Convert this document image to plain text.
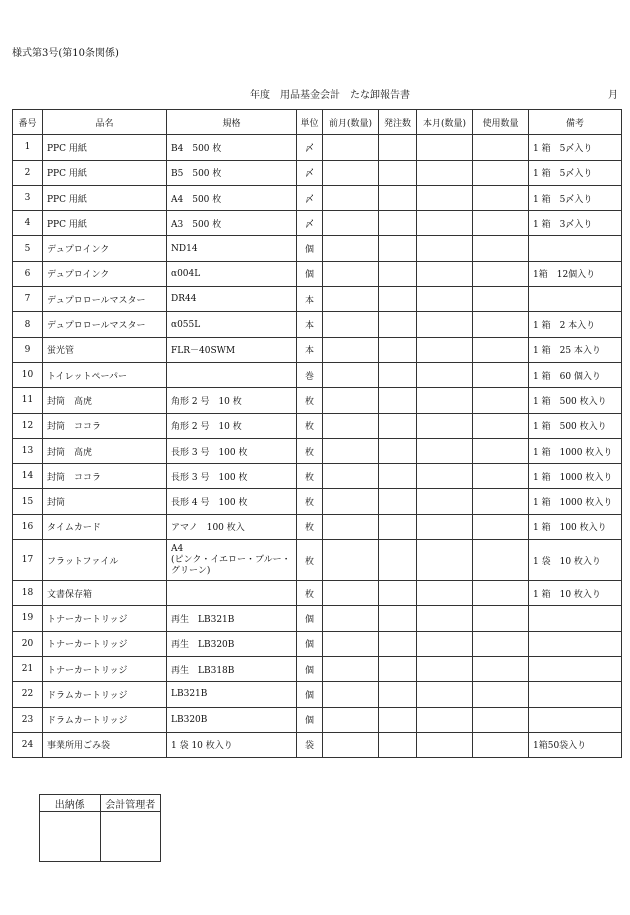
様式第3号(第10条関係)
年度　用品基金会計　たな卸報告書	月
番号	品名	規格	単位	前月(数量)	発注数	本月(数量)	使用数量	備考
1	PPC 用紙	B4　500 枚	〆					1 箱　5〆入り
2	PPC 用紙	B5　500 枚	〆					1 箱　5〆入り
3	PPC 用紙	A4　500 枚	〆					1 箱　5〆入り
4	PPC 用紙	A3　500 枚	〆					1 箱　3〆入り
5	デュプロインク	ND14	個					
6	デュプロインク	α004L	個					1箱　12個入り
7	デュプロロールマスター	DR44	本					
8	デュプロロールマスター	α055L	本					1 箱　2 本入り
9	蛍光管	FLR－40SWM	本					1 箱　25 本入り
10	トイレットペーパー		巻					1 箱　60 個入り
11	封筒　高虎	角形 2 号　10 枚	枚					1 箱　500 枚入り
12	封筒　ココラ	角形 2 号　10 枚	枚					1 箱　500 枚入り
13	封筒　高虎	長形 3 号　100 枚	枚					1 箱　1000 枚入り
14	封筒　ココラ	長形 3 号　100 枚	枚					1 箱　1000 枚入り
15	封筒	長形 4 号　100 枚	枚					1 箱　1000 枚入り
16	タイムカード	アマノ　100 枚入	枚					1 箱　100 枚入り
17	フラットファイル	A4
(ピンク・イエロー・ブルー・グリーン)	枚					1 袋　10 枚入り
18	文書保存箱		枚					1 箱　10 枚入り
19	トナーカートリッジ	再生　LB321B	個					
20	トナーカートリッジ	再生　LB320B	個					
21	トナーカートリッジ	再生　LB318B	個					
22	ドラムカートリッジ	LB321B	個					
23	ドラムカートリッジ	LB320B	個					
24	事業所用ごみ袋	1 袋 10 枚入り	袋					1箱50袋入り
出納係	会計管理者
